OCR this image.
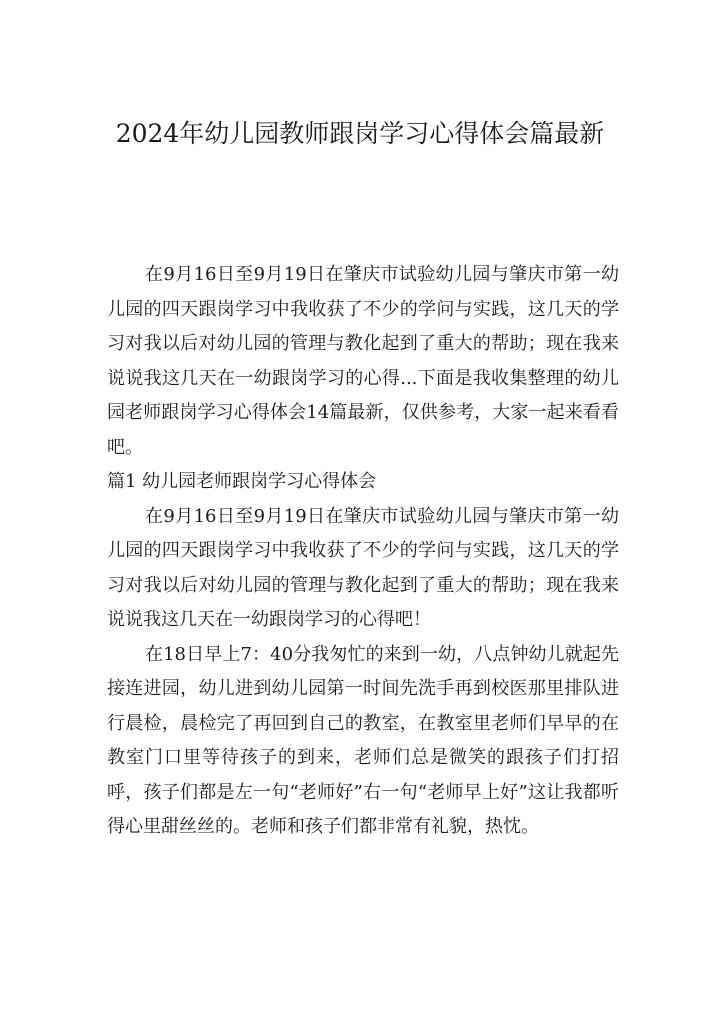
2024年幼儿园教师跟岗学习心得体会篇最新

在9月16日至9月19日在肇庆市试验幼儿园与肇庆市第一幼儿园的四天跟岗学习中我收获了不少的学问与实践，这几天的学习对我以后对幼儿园的管理与教化起到了重大的帮助；现在我来说说我这几天在一幼跟岗学习的心得...下面是我收集整理的幼儿园老师跟岗学习心得体会14篇最新，仅供参考，大家一起来看看吧。

篇1 幼儿园老师跟岗学习心得体会

在9月16日至9月19日在肇庆市试验幼儿园与肇庆市第一幼儿园的四天跟岗学习中我收获了不少的学问与实践，这几天的学习对我以后对幼儿园的管理与教化起到了重大的帮助；现在我来说说我这几天在一幼跟岗学习的心得吧！

在18日早上7：40分我匆忙的来到一幼，八点钟幼儿就起先接连进园，幼儿进到幼儿园第一时间先洗手再到校医那里排队进行晨检，晨检完了再回到自己的教室，在教室里老师们早早的在教室门口里等待孩子的到来，老师们总是微笑的跟孩子们打招呼，孩子们都是左一句“老师好”右一句“老师早上好”这让我都听得心里甜丝丝的。老师和孩子们都非常有礼貌，热忱。
